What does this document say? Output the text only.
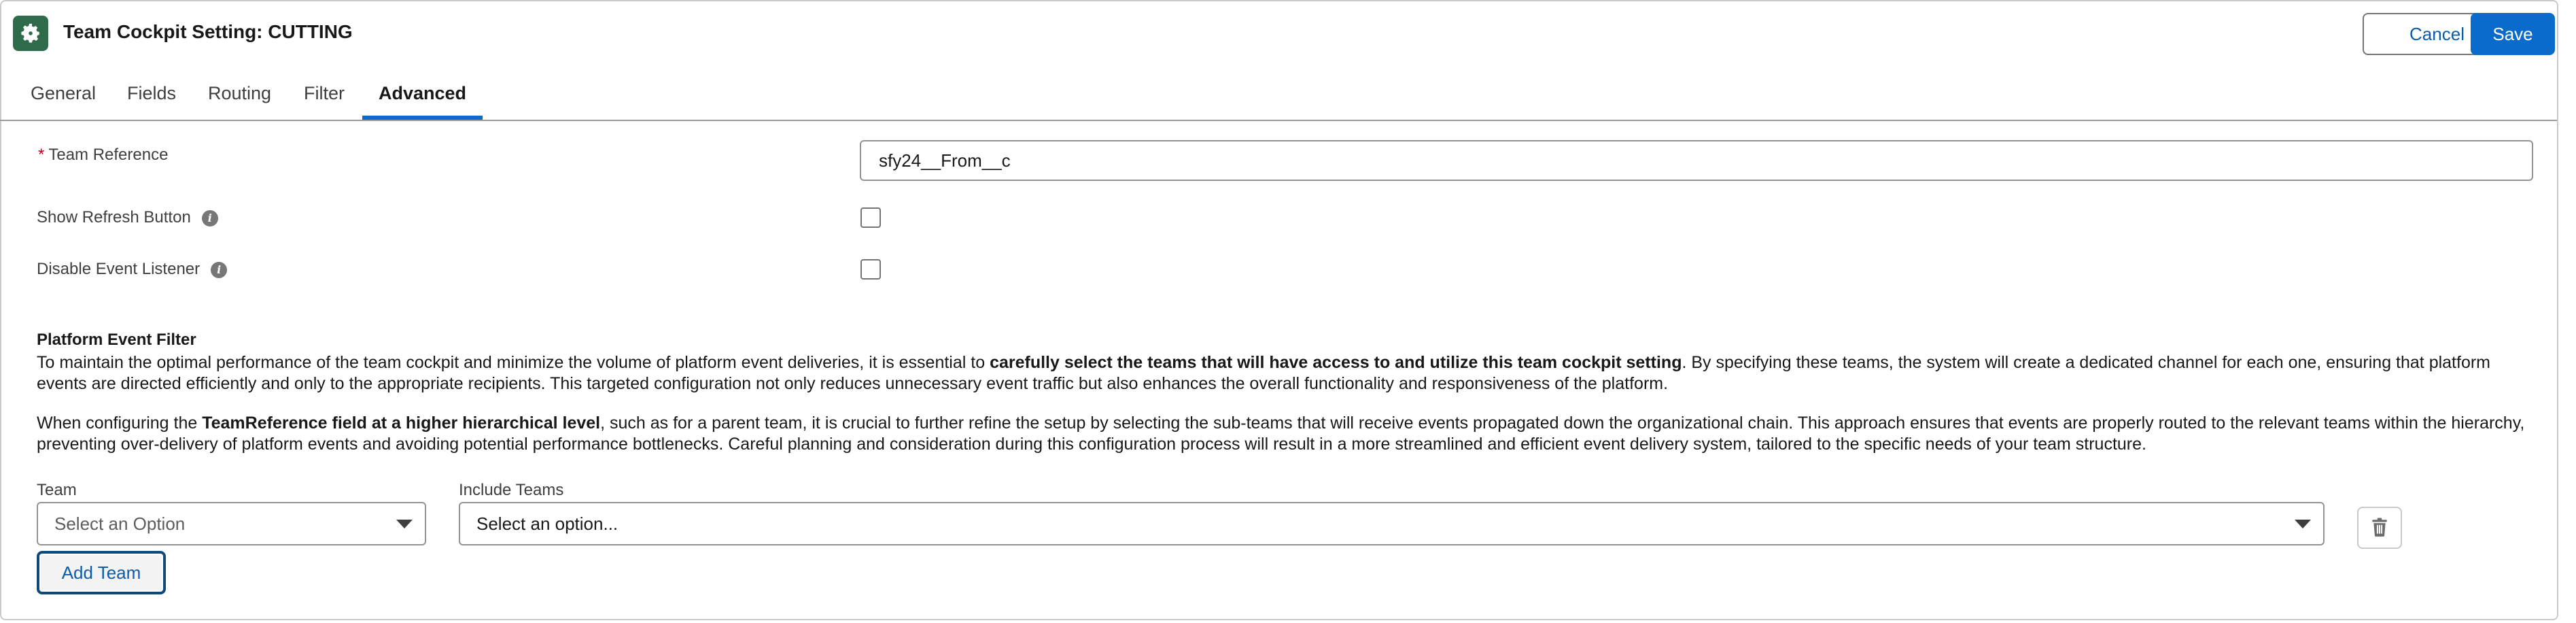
Team Cockpit Setting: CUTTING	Cancel	Save
General Fields Routing Filter Advanced
* Team Reference	sfy24__From__c
Show Refresh Button i
Disable Event Listener i
Platform Event Filter

To maintain the optimal performance of the team cockpit and minimize the volume of platform event deliveries, it is essential to carefully select the teams that will have access to and utilize this team cockpit setting. By specifying these teams, the system will create a dedicated channel for each one, ensuring that platform events are directed efficiently and only to the appropriate recipients. This targeted configuration not only reduces unnecessary event traffic but also enhances the overall functionality and responsiveness of the platform.

When configuring the TeamReference field at a higher hierarchical level, such as for a parent team, it is crucial to further refine the setup by selecting the sub-teams that will receive events propagated down the organizational chain. This approach ensures that events are properly routed to the relevant teams within the hierarchy, preventing over-delivery of platform events and avoiding potential performance bottlenecks. Careful planning and consideration during this configuration process will result in a more streamlined and efficient event delivery system, tailored to the specific needs of your team structure.

Team	Include Teams
Select an Option	Select an option...
Add Team
